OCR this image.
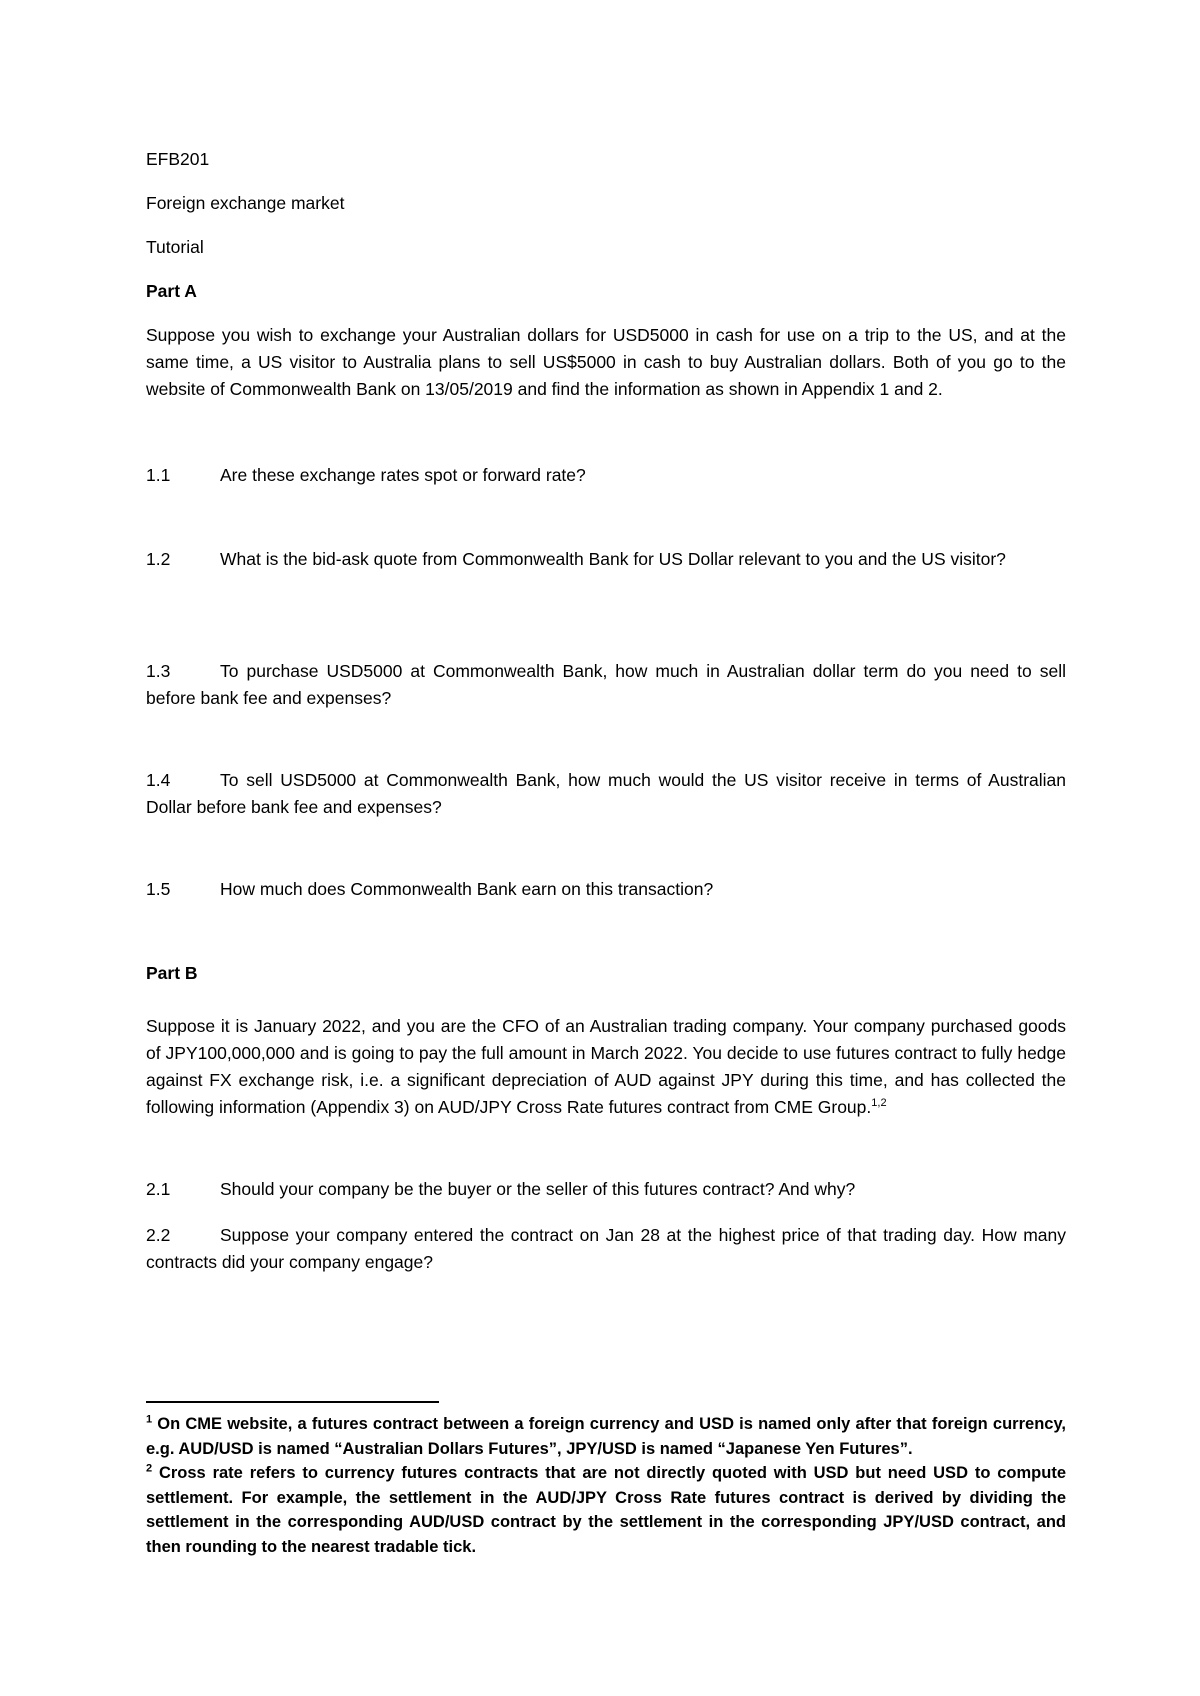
EFB201

Foreign exchange market

Tutorial

Part A

Suppose you wish to exchange your Australian dollars for USD5000 in cash for use on a trip to the US, and at the same time, a US visitor to Australia plans to sell US$5000 in cash to buy Australian dollars. Both of you go to the website of Commonwealth Bank on 13/05/2019 and find the information as shown in Appendix 1 and 2.

1.1	Are these exchange rates spot or forward rate?

1.2	What is the bid-ask quote from Commonwealth Bank for US Dollar relevant to you and the US visitor?

1.3	To purchase USD5000 at Commonwealth Bank, how much in Australian dollar term do you need to sell before bank fee and expenses?

1.4	To sell USD5000 at Commonwealth Bank, how much would the US visitor receive in terms of Australian Dollar before bank fee and expenses?

1.5	How much does Commonwealth Bank earn on this transaction?

Part B

Suppose it is January 2022, and you are the CFO of an Australian trading company. Your company purchased goods of JPY100,000,000 and is going to pay the full amount in March 2022. You decide to use futures contract to fully hedge against FX exchange risk, i.e. a significant depreciation of AUD against JPY during this time, and has collected the following information (Appendix 3) on AUD/JPY Cross Rate futures contract from CME Group.$^{1,2}$

2.1	Should your company be the buyer or the seller of this futures contract? And why?

2.2	Suppose your company entered the contract on Jan 28 at the highest price of that trading day. How many contracts did your company engage?

$^1$ On CME website, a futures contract between a foreign currency and USD is named only after that foreign currency, e.g. AUD/USD is named “Australian Dollars Futures”, JPY/USD is named “Japanese Yen Futures”.

$^2$ Cross rate refers to currency futures contracts that are not directly quoted with USD but need USD to compute settlement. For example, the settlement in the AUD/JPY Cross Rate futures contract is derived by dividing the settlement in the corresponding AUD/USD contract by the settlement in the corresponding JPY/USD contract, and then rounding to the nearest tradable tick.
